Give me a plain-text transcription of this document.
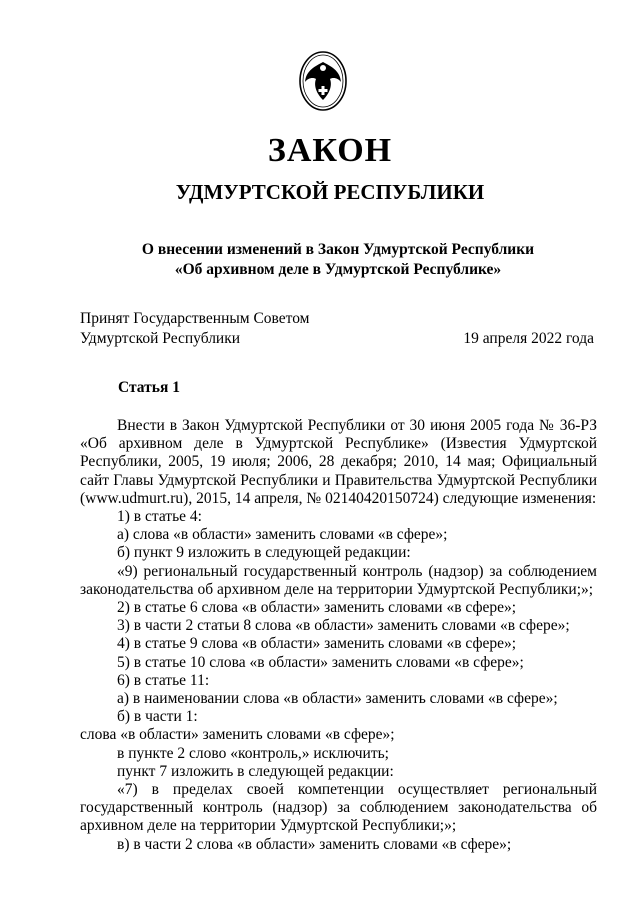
ЗАКОН
УДМУРТСКОЙ РЕСПУБЛИКИ
О внесении изменений в Закон Удмуртской Республики
«Об архивном деле в Удмуртской Республике»
Принят Государственным Советом
Удмуртской Республики	19 апреля 2022 года
Статья 1

Внести в Закон Удмуртской Республики от 30 июня 2005 года № 36-РЗ «Об архивном деле в Удмуртской Республике» (Известия Удмуртской Республики, 2005, 19 июля; 2006, 28 декабря; 2010, 14 мая; Официальный сайт Главы Удмуртской Республики и Правительства Удмуртской Республики (www.udmurt.ru), 2015, 14 апреля, № 02140420150724) следующие изменения:

1) в статье 4:

а) слова «в области» заменить словами «в сфере»;

б) пункт 9 изложить в следующей редакции:

«9) региональный государственный контроль (надзор) за соблюдением законодательства об архивном деле на территории Удмуртской Республики;»;

2) в статье 6 слова «в области» заменить словами «в сфере»;

3) в части 2 статьи 8 слова «в области» заменить словами «в сфере»;

4) в статье 9 слова «в области» заменить словами «в сфере»;

5) в статье 10 слова «в области» заменить словами «в сфере»;

6) в статье 11:

а) в наименовании слова «в области» заменить словами «в сфере»;

б) в части 1:

слова «в области» заменить словами «в сфере»;

в пункте 2 слово «контроль,» исключить;

пункт 7 изложить в следующей редакции:

«7) в пределах своей компетенции осуществляет региональный государственный контроль (надзор) за соблюдением законодательства об архивном деле на территории Удмуртской Республики;»;

в) в части 2 слова «в области» заменить словами «в сфере»;
